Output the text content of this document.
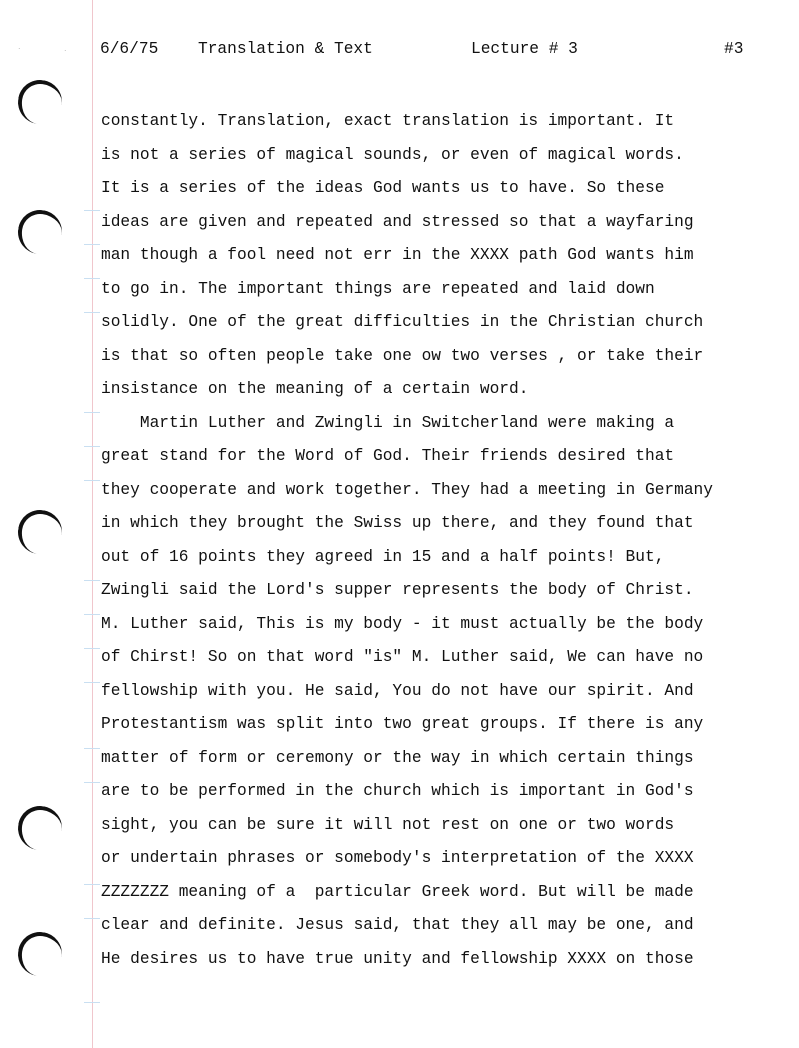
.	. 6/6/75 Translation & Text	Lecture # 3	#3
constantly. Translation, exact translation is important. It
is not a series of magical sounds, or even of magical words.
It is a series of the ideas God wants us to have. So these
ideas are given and repeated and stressed so that a wayfaring
man though a fool need not err in the XXXX path God wants him
to go in. The important things are repeated and laid down
solidly. One of the great difficulties in the Christian church
is that so often people take one ow two verses , or take their
insistance on the meaning of a certain word.
Martin Luther and Zwingli in Switcherland were making a
great stand for the Word of God. Their friends desired that
they cooperate and work together. They had a meeting in Germany
in which they brought the Swiss up there, and they found that
out of 16 points they agreed in 15 and a half points! But,
Zwingli said the Lord's supper represents the body of Christ.
M. Luther said, This is my body - it must actually be the body
of Chirst! So on that word "is" M. Luther said, We can have no
fellowship with you. He said, You do not have our spirit. And
Protestantism was split into two great groups. If there is any
matter of form or ceremony or the way in which certain things
are to be performed in the church which is important in God's
sight, you can be sure it will not rest on one or two words
or undertain phrases or somebody's interpretation of the XXXX
ZZZZZZZ meaning of a  particular Greek word. But will be made
clear and definite. Jesus said, that they all may be one, and
He desires us to have true unity and fellowship XXXX on those
